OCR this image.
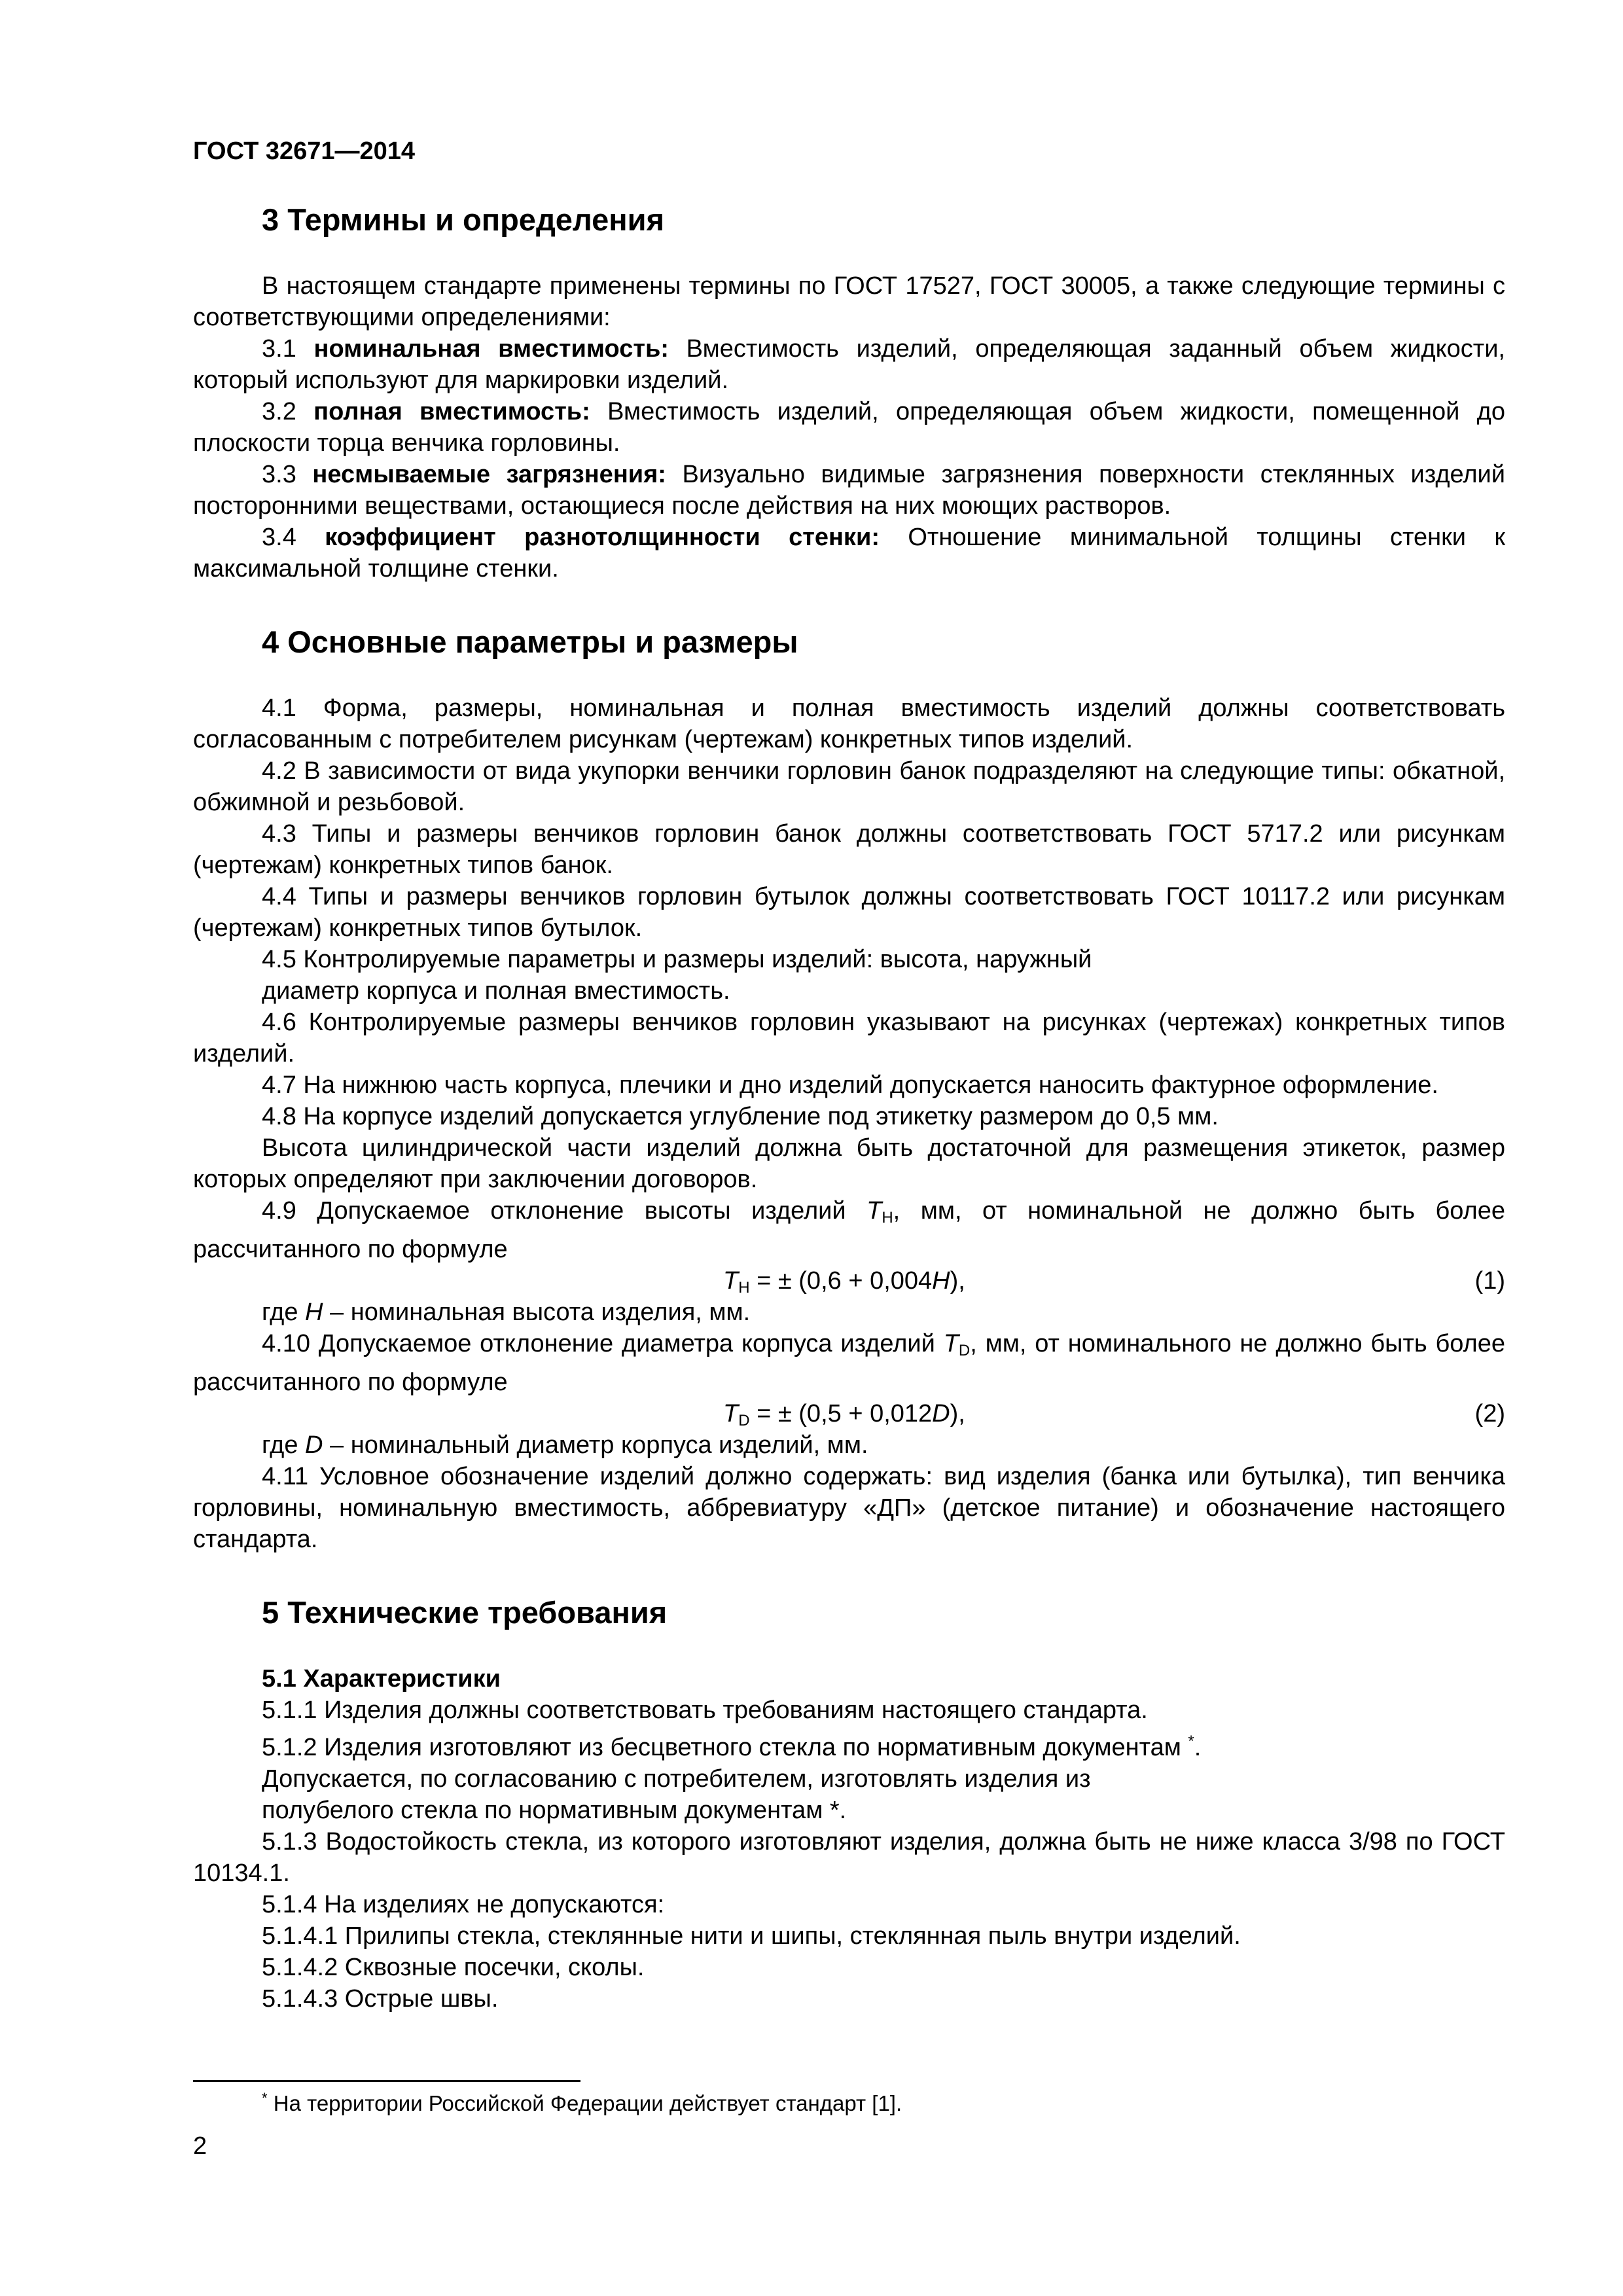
ГОСТ 32671—2014
3 Термины и определения

В настоящем стандарте применены термины по ГОСТ 17527, ГОСТ 30005, а также следующие термины с соответствующими определениями:

3.1 номинальная вместимость: Вместимость изделий, определяющая заданный объем жидкости, который используют для маркировки изделий.

3.2 полная вместимость: Вместимость изделий, определяющая объем жидкости, помещенной до плоскости торца венчика горловины.

3.3 несмываемые загрязнения: Визуально видимые загрязнения поверхности стеклянных изделий посторонними веществами, остающиеся после действия на них моющих растворов.

3.4 коэффициент разнотолщинности стенки: Отношение минимальной толщины стенки к максимальной толщине стенки.

4 Основные параметры и размеры

4.1 Форма, размеры, номинальная и полная вместимость изделий должны соответствовать согласованным с потребителем рисункам (чертежам) конкретных типов изделий.

4.2 В зависимости от вида укупорки венчики горловин банок подразделяют на следующие типы: обкатной, обжимной и резьбовой.

4.3 Типы и размеры венчиков горловин банок должны соответствовать ГОСТ 5717.2 или рисункам (чертежам) конкретных типов банок.

4.4 Типы и размеры венчиков горловин бутылок должны соответствовать ГОСТ 10117.2 или рисункам (чертежам) конкретных типов бутылок.

4.5 Контролируемые параметры и размеры изделий: высота, наружный

диаметр корпуса и полная вместимость.

4.6 Контролируемые размеры венчиков горловин указывают на рисунках (чертежах) конкретных типов изделий.

4.7 На нижнюю часть корпуса, плечики и дно изделий допускается наносить фактурное оформление.

4.8 На корпусе изделий допускается углубление под этикетку размером до 0,5 мм.

Высота цилиндрической части изделий должна быть достаточной для размещения этикеток, размер которых определяют при заключении договоров.

4.9 Допускаемое отклонение высоты изделий $T_H$, мм, от номинальной не должно быть более рассчитанного по формуле

$T_H$ = ± (0,6 + 0,004H),	(1)

где H – номинальная высота изделия, мм.

4.10 Допускаемое отклонение диаметра корпуса изделий $T_D$, мм, от номинального не должно быть более рассчитанного по формуле

$T_D$ = ± (0,5 + 0,012D),	(2)

где D – номинальный диаметр корпуса изделий, мм.

4.11 Условное обозначение изделий должно содержать: вид изделия (банка или бутылка), тип венчика горловины, номинальную вместимость, аббревиатуру «ДП» (детское питание) и обозначение настоящего стандарта.

5 Технические требования
5.1 Характеристики

5.1.1 Изделия должны соответствовать требованиям настоящего стандарта.

5.1.2 Изделия изготовляют из бесцветного стекла по нормативным документам *.

Допускается, по согласованию с потребителем, изготовлять изделия из

полубелого стекла по нормативным документам *.

5.1.3 Водостойкость стекла, из которого изготовляют изделия, должна быть не ниже класса 3/98 по ГОСТ 10134.1.

5.1.4 На изделиях не допускаются:

5.1.4.1 Прилипы стекла, стеклянные нити и шипы, стеклянная пыль внутри изделий.

5.1.4.2 Сквозные посечки, сколы.

5.1.4.3 Острые швы.

* На территории Российской Федерации действует стандарт [1].
2
